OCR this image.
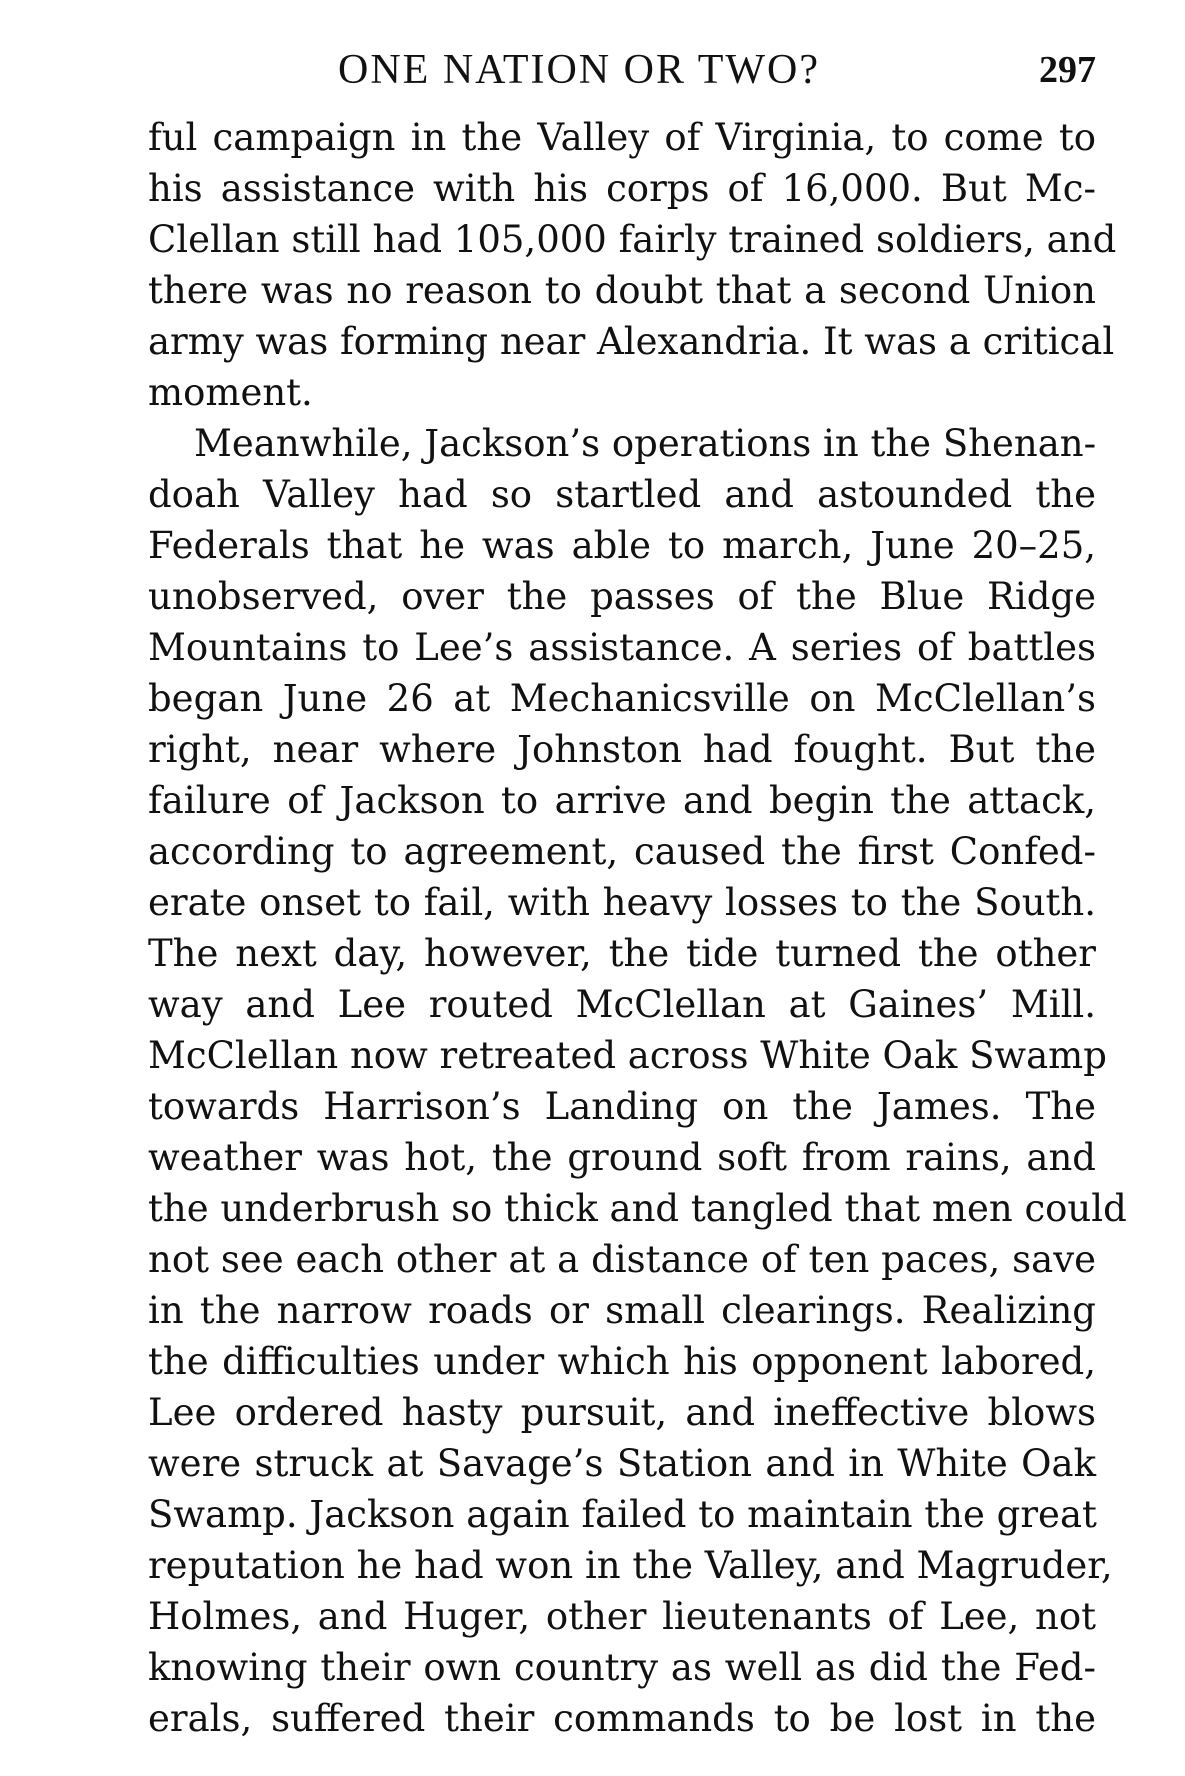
ONE NATION OR TWO?	297
ful campaign in the Valley of Virginia, to come to
his assistance with his corps of 16,000. But Mc-
Clellan still had 105,000 fairly trained soldiers, and
there was no reason to doubt that a second Union
army was forming near Alexandria. It was a critical
moment.
Meanwhile, Jackson’s operations in the Shenan-
doah Valley had so startled and astounded the
Federals that he was able to march, June 20–25,
unobserved, over the passes of the Blue Ridge
Mountains to Lee’s assistance. A series of battles
began June 26 at Mechanicsville on McClellan’s
right, near where Johnston had fought. But the
failure of Jackson to arrive and begin the attack,
according to agreement, caused the first Confed-
erate onset to fail, with heavy losses to the South.
The next day, however, the tide turned the other
way and Lee routed McClellan at Gaines’ Mill.
McClellan now retreated across White Oak Swamp
towards Harrison’s Landing on the James. The
weather was hot, the ground soft from rains, and
the underbrush so thick and tangled that men could
not see each other at a distance of ten paces, save
in the narrow roads or small clearings. Realizing
the difficulties under which his opponent labored,
Lee ordered hasty pursuit, and ineffective blows
were struck at Savage’s Station and in White Oak
Swamp. Jackson again failed to maintain the great
reputation he had won in the Valley, and Magruder,
Holmes, and Huger, other lieutenants of Lee, not
knowing their own country as well as did the Fed-
erals, suffered their commands to be lost in the
